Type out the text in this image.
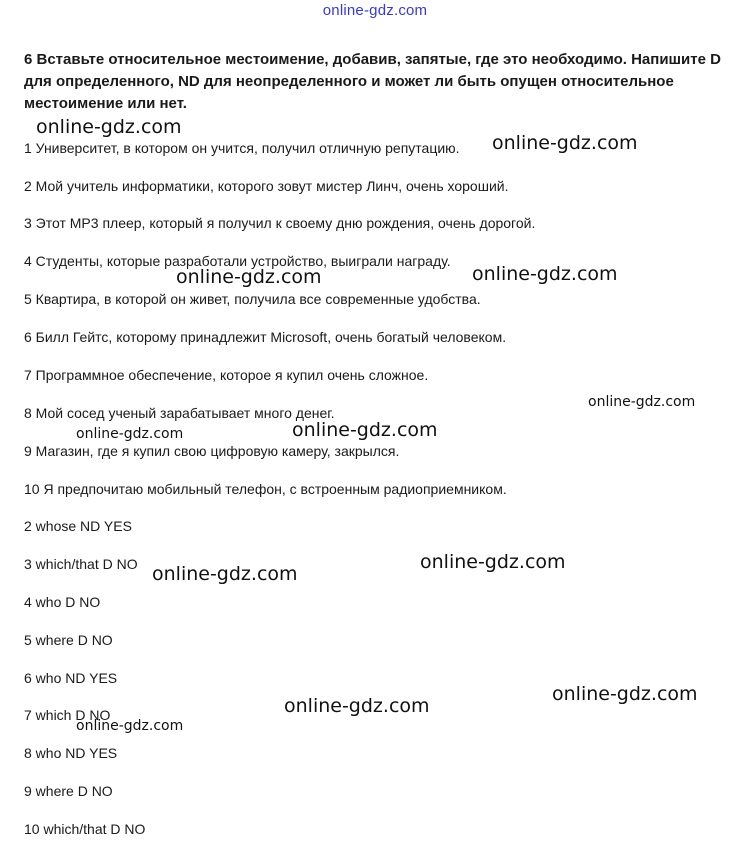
online-gdz.com
6 Вставьте относительное местоимение, добавив, запятые, где это необходимо. Напишите D для определенного, ND для неопределенного и может ли быть опущен относительное местоимение или нет.
1 Университет, в котором он учится, получил отличную репутацию.
2 Мой учитель информатики, которого зовут мистер Линч, очень хороший.
3 Этот MP3 плеер, который я получил к своему дню рождения, очень дорогой.
4 Студенты, которые разработали устройство, выиграли награду.
5 Квартира, в которой он живет, получила все современные удобства.
6 Билл Гейтс, которому принадлежит Microsoft, очень богатый человеком.
7 Программное обеспечение, которое я купил очень сложное.
8 Мой сосед ученый зарабатывает много денег.
9 Магазин, где я купил свою цифровую камеру, закрылся.
10 Я предпочитаю мобильный телефон, с встроенным радиоприемником.
2 whose ND YES
3 which/that D NO
4 who D NO
5 where D NO
6 who ND YES
7 which D NO
8 who ND YES
9 where D NO
10 which/that D NO
online-gdz.com
online-gdz.com
online-gdz.com	online-gdz.com
online-gdz.com
online-gdz.com	online-gdz.com
online-gdz.com
online-gdz.com
online-gdz.com
online-gdz.com
online-gdz.com
